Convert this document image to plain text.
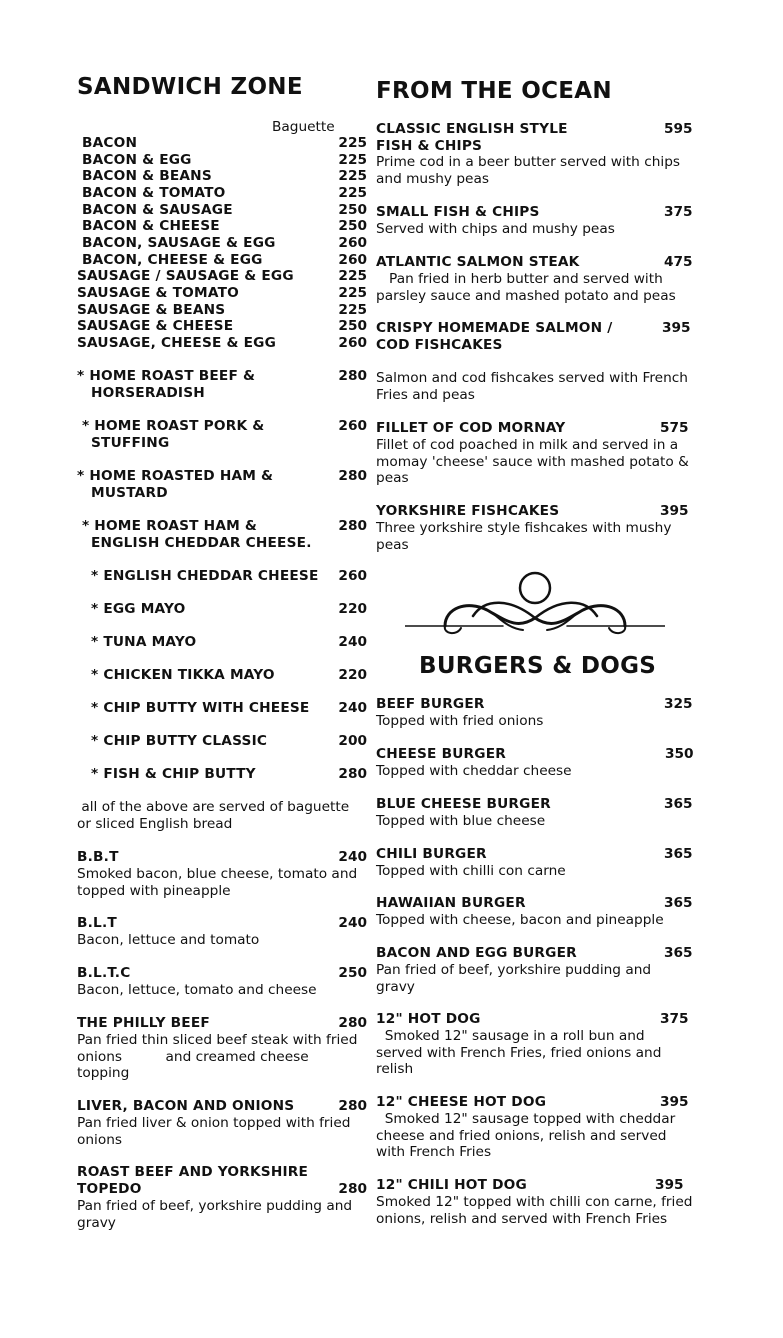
SANDWICH ZONE
Baguette
BACON	225
BACON & EGG	225
BACON & BEANS	225
BACON & TOMATO	225
BACON & SAUSAGE	250
BACON & CHEESE	250
BACON, SAUSAGE & EGG	260
BACON, CHEESE & EGG	260
SAUSAGE / SAUSAGE & EGG	225
SAUSAGE & TOMATO	225
SAUSAGE & BEANS	225
SAUSAGE & CHEESE	250
SAUSAGE, CHEESE & EGG	260
* HOME ROAST BEEF &	280
HORSERADISH
* HOME ROAST PORK &	260
STUFFING
* HOME ROASTED HAM &	280
MUSTARD
* HOME ROAST HAM &	280
ENGLISH CHEDDAR CHEESE.
* ENGLISH CHEDDAR CHEESE 260
* EGG MAYO	220
* TUNA MAYO	240
* CHICKEN TIKKA MAYO	220
* CHIP BUTTY WITH CHEESE 240
* CHIP BUTTY CLASSIC	200
* FISH & CHIP BUTTY	280
all of the above are served of baguette
or sliced English bread
B.B.T	240
Smoked bacon, blue cheese, tomato and
topped with pineapple
B.L.T	240
Bacon, lettuce and tomato
B.L.T.C	250
Bacon, lettuce, tomato and cheese
THE PHILLY BEEF	280
Pan fried thin sliced beef steak with fried
onions          and creamed cheese
topping
LIVER, BACON AND ONIONS	280
Pan fried liver & onion topped with fried
onions
ROAST BEEF AND YORKSHIRE
TOPEDO	280
Pan fried of beef, yorkshire pudding and
gravy
FROM THE OCEAN
CLASSIC ENGLISH STYLE
FISH & CHIPS
595
Prime cod in a beer butter served with chips
and mushy peas
SMALL FISH & CHIPS	375
Served with chips and mushy peas
ATLANTIC SALMON STEAK	475
Pan fried in herb butter and served with
parsley sauce and mashed potato and peas
CRISPY HOMEMADE SALMON /
COD FISHCAKES
395
Salmon and cod fishcakes served with French
Fries and peas
FILLET OF COD MORNAY	575
Fillet of cod poached in milk and served in a
momay 'cheese' sauce with mashed potato &
peas
YORKSHIRE FISHCAKES	395
Three yorkshire style fishcakes with mushy
peas
BURGERS & DOGS
BEEF BURGER	325
Topped with fried onions
CHEESE BURGER	350
Topped with cheddar cheese
BLUE CHEESE BURGER	365
Topped with blue cheese
CHILI BURGER	365
Topped with chilli con carne
HAWAIIAN BURGER	365
Topped with cheese, bacon and pineapple
BACON AND EGG BURGER	365
Pan fried of beef, yorkshire pudding and
gravy
12" HOT DOG	375
Smoked 12" sausage in a roll bun and
served with French Fries, fried onions and
relish
12" CHEESE HOT DOG	395
Smoked 12" sausage topped with cheddar
cheese and fried onions, relish and served
with French Fries
12" CHILI HOT DOG	395
Smoked 12" topped with chilli con carne, fried
onions, relish and served with French Fries
